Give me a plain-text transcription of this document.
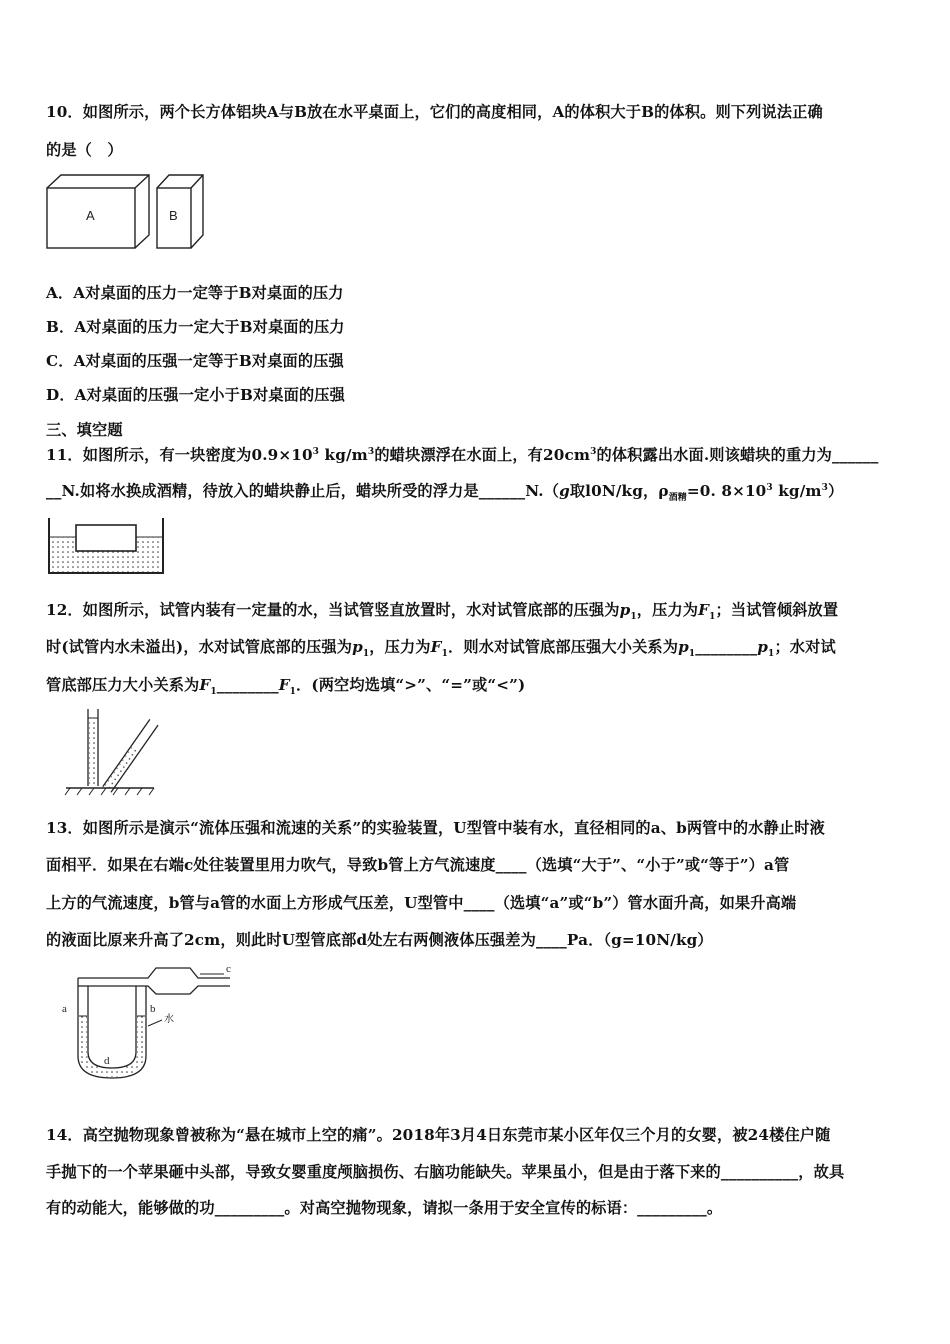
10．如图所示，两个长方体铝块A与B放在水平桌面上，它们的高度相同，A的体积大于B的体积。则下列说法正确
的是（　）
A	B
A．A对桌面的压力一定等于B对桌面的压力
B．A对桌面的压力一定大于B对桌面的压力
C．A对桌面的压强一定等于B对桌面的压强
D．A对桌面的压强一定小于B对桌面的压强
三、填空题
11．如图所示，有一块密度为$0.9\times 10^3$ $kg/m^3$的蜡块漂浮在水面上，有$20cm^3$的体积露出水面.则该蜡块的重力为______
__N.如将水换成酒精，待放入的蜡块静止后，蜡块所受的浮力是______N.（g取l0N/kg，$\rho_{酒精}=0$. $8\times 10^3$ $kg/m^3$）
12．如图所示，试管内装有一定量的水，当试管竖直放置时，水对试管底部的压强为$p_1$，压力为$F_1$；当试管倾斜放置
时(试管内水未溢出)，水对试管底部的压强为$p_1$，压力为$F_1$．则水对试管底部压强大小关系为$p_1\_\_\_\_\_\_\_\_p_1$；水对试
管底部压力大小关系为$F_1\_\_\_\_\_\_\_\_F_1$．(两空均选填“>”、“=”或“<”)
13．如图所示是演示“流体压强和流速的关系”的实验装置，U型管中装有水，直径相同的a、b两管中的水静止时液
面相平．如果在右端c处往装置里用力吹气，导致b管上方气流速度____（选填“大于”、“小于”或“等于”）a管
上方的气流速度，b管与a管的水面上方形成气压差，U型管中____（选填“a”或“b”）管水面升高，如果升高端
的液面比原来升高了2cm，则此时U型管底部d处左右两侧液体压强差为____Pa．（g=10N/kg）
a	b
c
d
水
14．高空抛物现象曾被称为“悬在城市上空的痛”。2018年3月4日东莞市某小区年仅三个月的女婴，被24楼住户随
手抛下的一个苹果砸中头部，导致女婴重度颅脑损伤、右脑功能缺失。苹果虽小，但是由于落下来的__________，故具
有的动能大，能够做的功_________。对高空抛物现象，请拟一条用于安全宣传的标语：_________。
